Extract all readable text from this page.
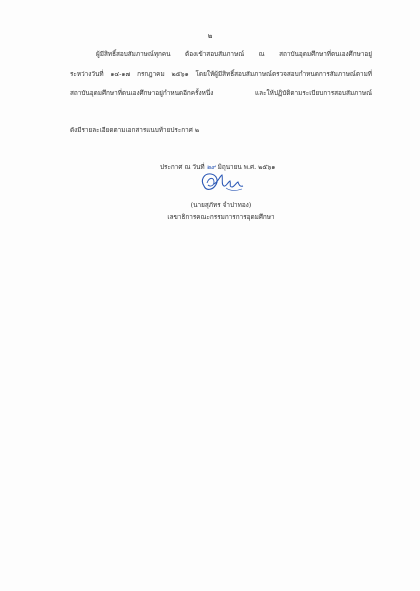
๒
ผู้มีสิทธิ์สอบสัมภาษณ์ทุกคน ต้องเข้าสอบสัมภาษณ์ ณ สถาบันอุดมศึกษาที่ตนเองศึกษาอยู่
ระหว่างวันที่ ๑๔-๑๗ กรกฎาคม ๒๕๖๑ โดยให้ผู้มีสิทธิ์สอบสัมภาษณ์ตรวจสอบกำหนดการสัมภาษณ์ตามที่
สถาบันอุดมศึกษาที่ตนเองศึกษาอยู่กำหนดอีกครั้งหนึ่ง และให้ปฏิบัติตามระเบียบการสอบสัมภาษณ์
ดังมีรายละเอียดตามเอกสารแนบท้ายประกาศ ๒
ประกาศ ณ วันที่ ๒๙ มิถุนายน พ.ศ. ๒๕๖๑
(นายสุภัทร จำปาทอง)
เลขาธิการคณะกรรมการการอุดมศึกษา
